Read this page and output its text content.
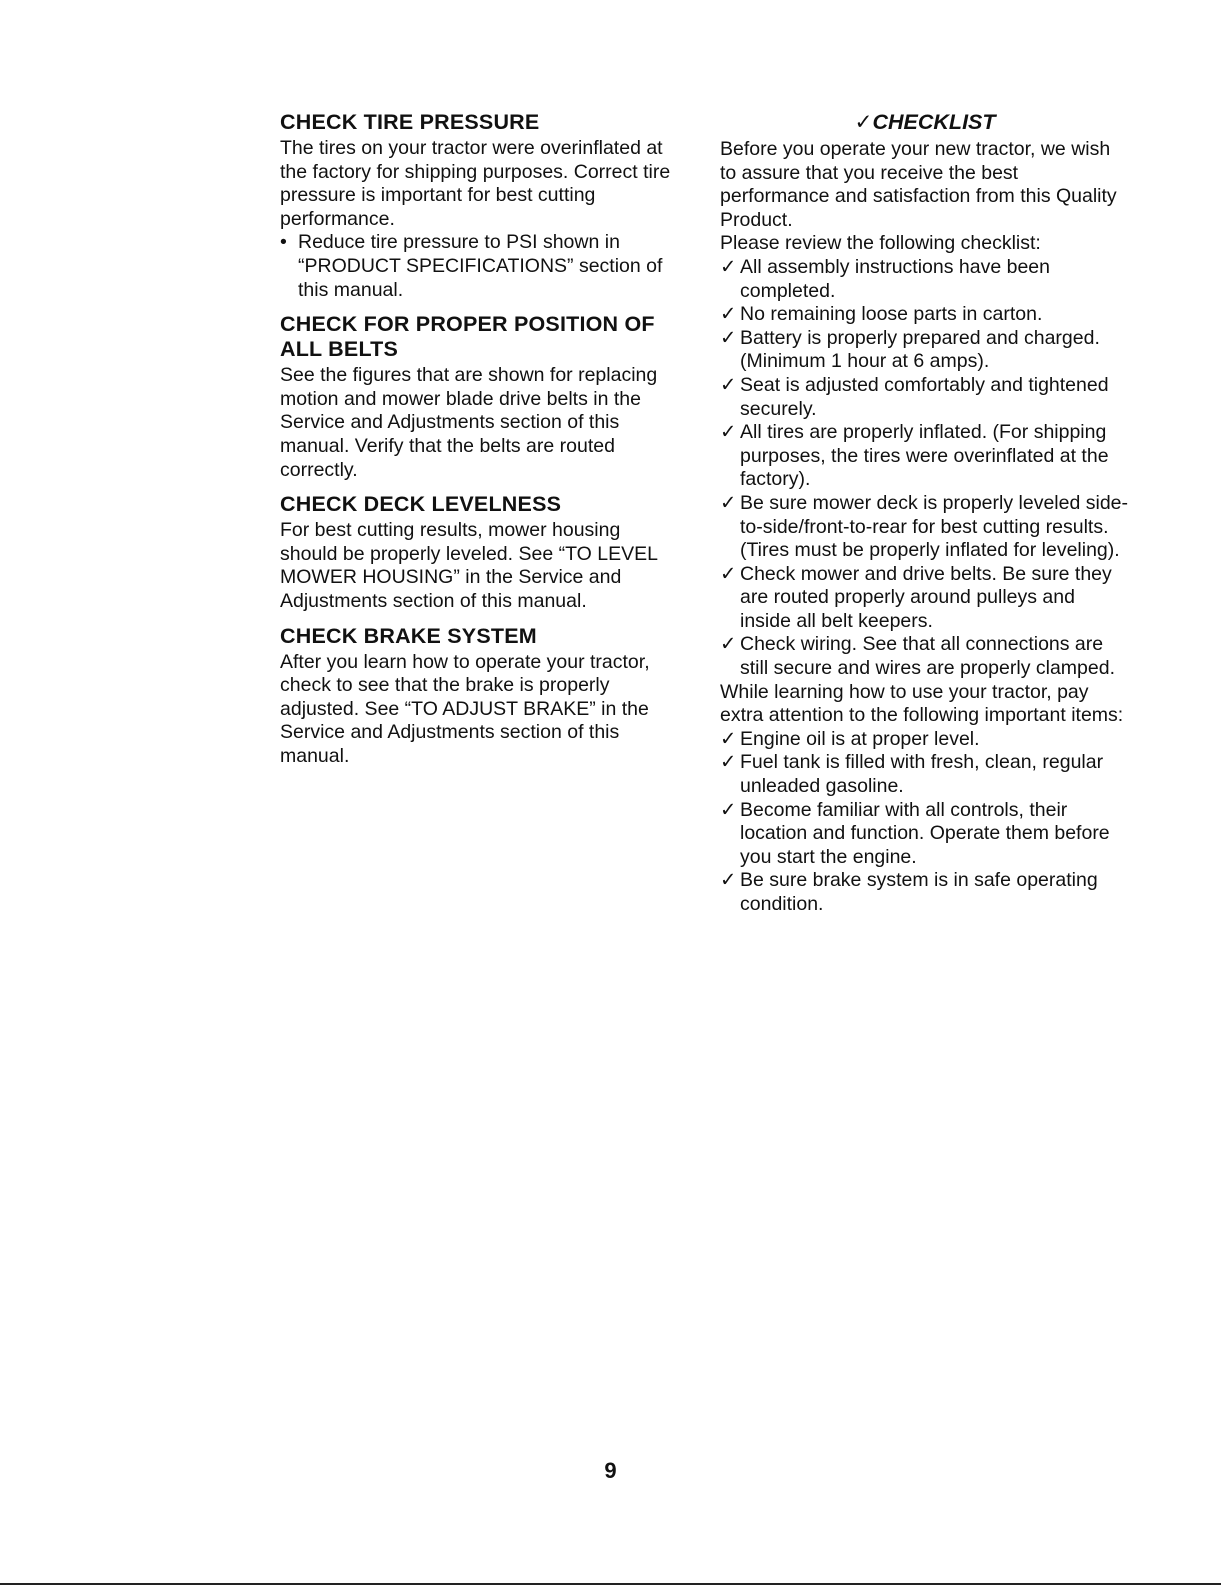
CHECK TIRE PRESSURE

The tires on your tractor were overinflated at the factory for shipping purposes. Correct tire pressure is important for best cutting performance.

• Reduce tire pressure to PSI shown in “PRODUCT SPECIFICATIONS” section of this manual.
CHECK FOR PROPER POSITION OF ALL BELTS

See the figures that are shown for replacing motion and mower blade drive belts in the Service and Adjustments section of this manual. Verify that the belts are routed correctly.

CHECK DECK LEVELNESS

For best cutting results, mower housing should be properly leveled. See “TO LEVEL MOWER HOUSING” in the Service and Adjustments section of this manual.

CHECK BRAKE SYSTEM

After you learn how to operate your tractor, check to see that the brake is properly adjusted. See “TO ADJUST BRAKE” in the Service and Adjustments section of this manual.

✓CHECKLIST

Before you operate your new tractor, we wish to assure that you receive the best performance and satisfaction from this Quality Product.

Please review the following checklist:

✓ All assembly instructions have been completed.
✓ No remaining loose parts in carton.
✓ Battery is properly prepared and charged. (Minimum 1 hour at 6 amps).
✓ Seat is adjusted comfortably and tightened securely.
✓ All tires are properly inflated. (For shipping purposes, the tires were overinflated at the factory).
✓ Be sure mower deck is properly leveled side-to-side/front-to-rear for best cutting results. (Tires must be properly inflated for leveling).
✓ Check mower and drive belts. Be sure they are routed properly around pulleys and inside all belt keepers.
✓ Check wiring. See that all connections are still secure and wires are properly clamped.

While learning how to use your tractor, pay extra attention to the following important items:

✓ Engine oil is at proper level.
✓ Fuel tank is filled with fresh, clean, regular unleaded gasoline.
✓ Become familiar with all controls, their location and function. Operate them before you start the engine.
✓ Be sure brake system is in safe operating condition.
9
